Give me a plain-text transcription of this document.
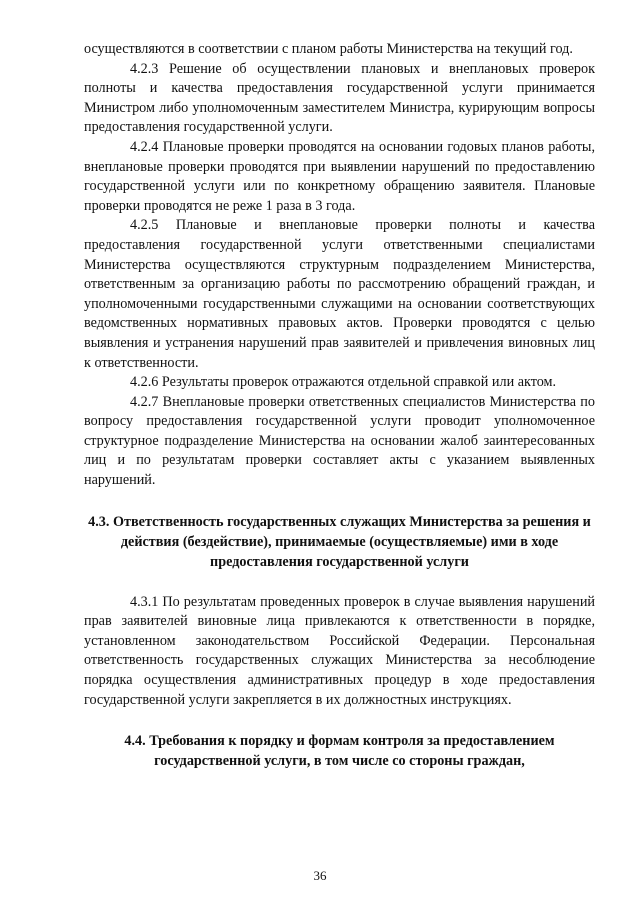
осуществляются в соответствии с планом работы Министерства на текущий год.

4.2.3 Решение об осуществлении плановых и внеплановых проверок полноты и качества предоставления государственной услуги принимается Министром либо уполномоченным заместителем Министра, курирующим вопросы предоставления государственной услуги.

4.2.4 Плановые проверки проводятся на основании годовых планов работы, внеплановые проверки проводятся при выявлении нарушений по предоставлению государственной услуги или по конкретному обращению заявителя. Плановые проверки проводятся не реже 1 раза в 3 года.

4.2.5 Плановые и внеплановые проверки полноты и качества предоставления государственной услуги ответственными специалистами Министерства осуществляются структурным подразделением Министерства, ответственным за организацию работы по рассмотрению обращений граждан, и уполномоченными государственными служащими на основании соответствующих ведомственных нормативных правовых актов. Проверки проводятся с целью выявления и устранения нарушений прав заявителей и привлечения виновных лиц к ответственности.

4.2.6 Результаты проверок отражаются отдельной справкой или актом.

4.2.7 Внеплановые проверки ответственных специалистов Министерства по вопросу предоставления государственной услуги проводит уполномоченное структурное подразделение Министерства на основании жалоб заинтересованных лиц и по результатам проверки составляет акты с указанием выявленных нарушений.

4.3. Ответственность государственных служащих Министерства за решения и действия (бездействие), принимаемые (осуществляемые) ими в ходе предоставления государственной услуги

4.3.1 По результатам проведенных проверок в случае выявления нарушений прав заявителей виновные лица привлекаются к ответственности в порядке, установленном законодательством Российской Федерации. Персональная ответственность государственных служащих Министерства за несоблюдение порядка осуществления административных процедур в ходе предоставления государственной услуги закрепляется в их должностных инструкциях.

4.4. Требования к порядку и формам контроля за предоставлением государственной услуги, в том числе со стороны граждан,

36
